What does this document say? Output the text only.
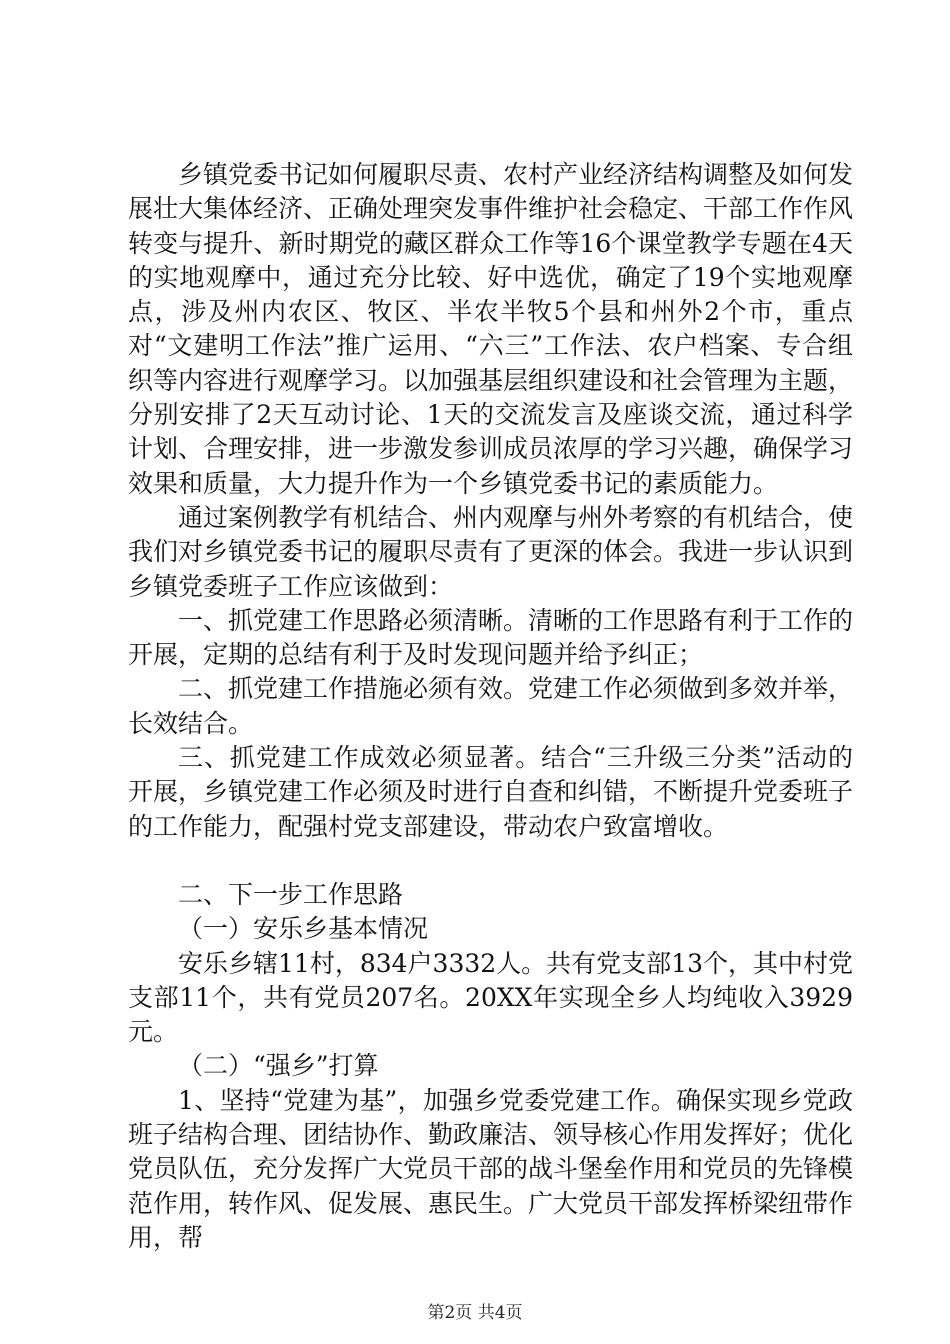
乡镇党委书记如何履职尽责、农村产业经济结构调整及如何发展壮大集体经济、正确处理突发事件维护社会稳定、干部工作作风转变与提升、新时期党的藏区群众工作等16个课堂教学专题在4天的实地观摩中，通过充分比较、好中选优，确定了19个实地观摩点，涉及州内农区、牧区、半农半牧5个县和州外2个市，重点对“文建明工作法”推广运用、“六三”工作法、农户档案、专合组织等内容进行观摩学习。以加强基层组织建设和社会管理为主题，分别安排了2天互动讨论、1天的交流发言及座谈交流，通过科学计划、合理安排，进一步激发参训成员浓厚的学习兴趣，确保学习效果和质量，大力提升作为一个乡镇党委书记的素质能力。

通过案例教学有机结合、州内观摩与州外考察的有机结合，使我们对乡镇党委书记的履职尽责有了更深的体会。我进一步认识到乡镇党委班子工作应该做到：

一、抓党建工作思路必须清晰。清晰的工作思路有利于工作的开展，定期的总结有利于及时发现问题并给予纠正；

二、抓党建工作措施必须有效。党建工作必须做到多效并举，长效结合。

三、抓党建工作成效必须显著。结合“三升级三分类”活动的开展，乡镇党建工作必须及时进行自查和纠错，不断提升党委班子的工作能力，配强村党支部建设，带动农户致富增收。

二、下一步工作思路

（一）安乐乡基本情况

安乐乡辖11村，834户3332人。共有党支部13个，其中村党支部11个，共有党员207名。20XX年实现全乡人均纯收入3929元。

（二）“强乡”打算

1、坚持“党建为基”，加强乡党委党建工作。确保实现乡党政班子结构合理、团结协作、勤政廉洁、领导核心作用发挥好；优化党员队伍，充分发挥广大党员干部的战斗堡垒作用和党员的先锋模范作用，转作风、促发展、惠民生。广大党员干部发挥桥梁纽带作用，帮

第2页 共4页
